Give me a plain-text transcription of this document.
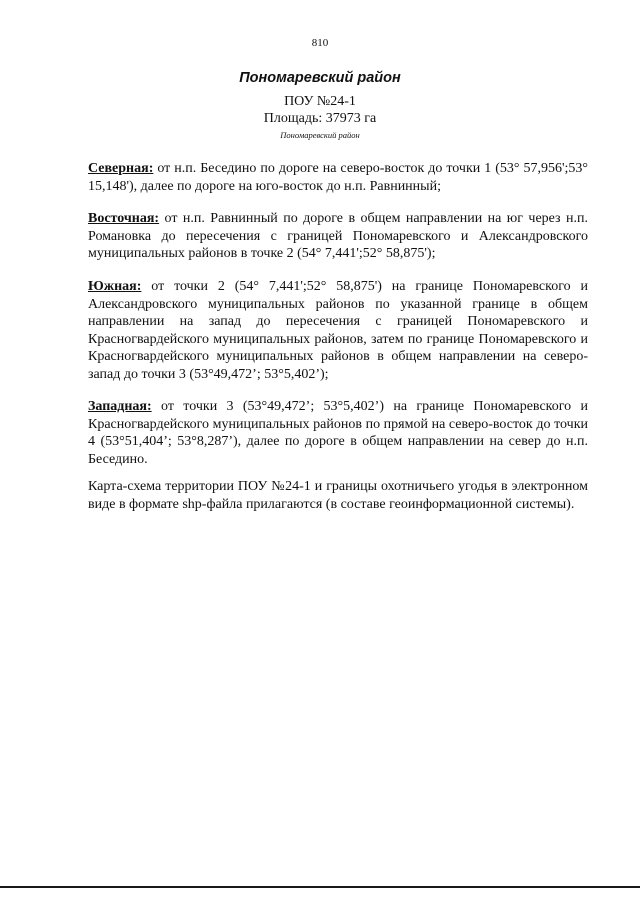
810
Пономаревский район
ПОУ №24-1
Площадь: 37973 га
Пономаревский район
Северная: от н.п. Беседино по дороге на северо-восток до точки 1 (53° 57,956';53° 15,148'), далее по дороге на юго-восток до н.п. Равнинный;
Восточная: от н.п. Равнинный по дороге в общем направлении на юг через н.п. Романовка до пересечения с границей Пономаревского и Александровского муниципальных районов в точке 2 (54° 7,441';52° 58,875');
Южная: от точки 2 (54° 7,441';52° 58,875') на границе Пономаревского и Александровского муниципальных районов по указанной границе в общем направлении на запад до пересечения с границей Пономаревского и Красногвардейского муниципальных районов, затем по границе Пономаревского и Красногвардейского муниципальных районов в общем направлении на северо-запад до точки 3 (53°49,472’; 53°5,402’);
Западная: от точки 3 (53°49,472’; 53°5,402’) на границе Пономаревского и Красногвардейского муниципальных районов по прямой на северо-восток до точки 4 (53°51,404’; 53°8,287’), далее по дороге в общем направлении на север до н.п. Беседино.
Карта-схема территории ПОУ №24-1 и границы охотничьего угодья в электронном виде в формате shp-файла прилагаются (в составе геоинформационной системы).
